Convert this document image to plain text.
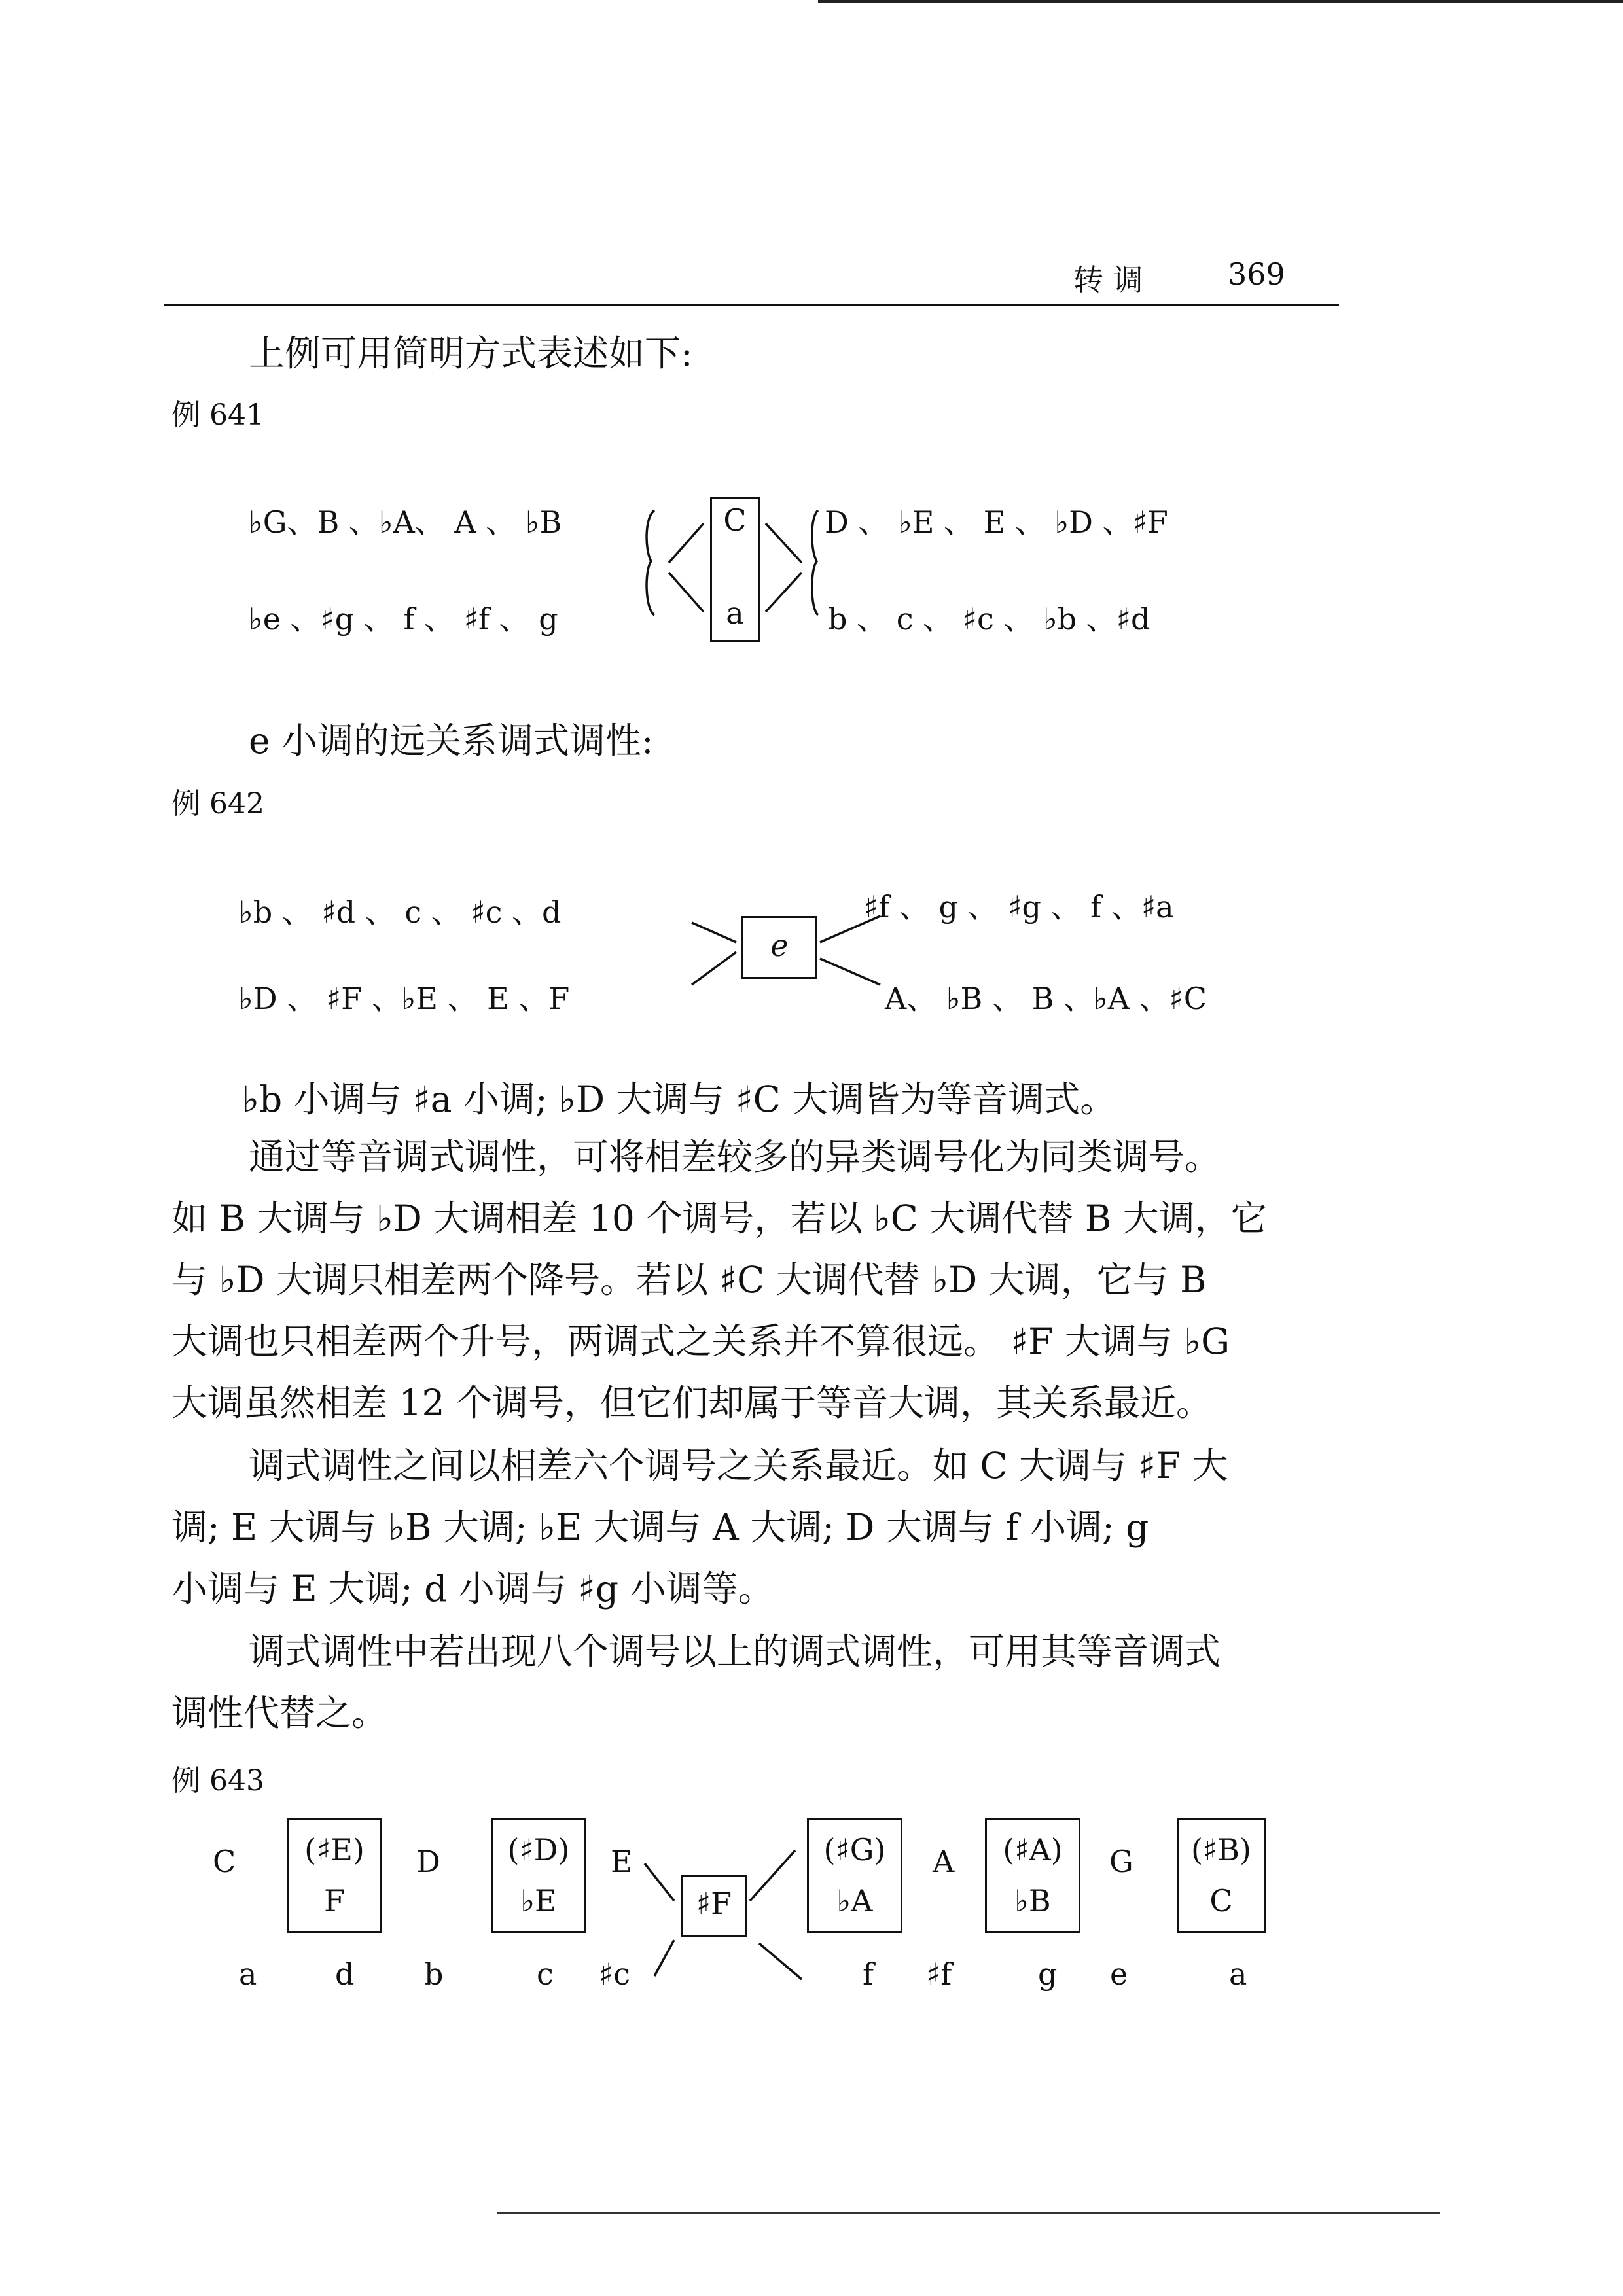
转 调	369
上例可用简明方式表述如下:
例 641
♭G、B 、♭A、 A 、 ♭B
♭e 、♯g 、 f 、 ♯f 、 g
C
a
D 、 ♭E 、 E 、 ♭D 、♯F
b 、 c 、 ♯c 、 ♭b 、♯d
e 小调的远关系调式调性:
例 642
♭b 、 ♯d 、 c 、 ♯c 、d
♭D 、 ♯F 、♭E 、 E 、F
e
♯f 、 g 、 ♯g 、 f 、♯a
A、 ♭B 、 B 、♭A 、♯C
♭b 小调与 ♯a 小调; ♭D 大调与 ♯C 大调皆为等音调式。
通过等音调式调性，可将相差较多的异类调号化为同类调号。
如 B 大调与 ♭D 大调相差 10 个调号，若以 ♭C 大调代替 B 大调，它
与 ♭D 大调只相差两个降号。若以 ♯C 大调代替 ♭D 大调，它与 B
大调也只相差两个升号，两调式之关系并不算很远。 ♯F 大调与 ♭G
大调虽然相差 12 个调号，但它们却属于等音大调，其关系最近。
调式调性之间以相差六个调号之关系最近。如 C 大调与 ♯F 大
调; E 大调与 ♭B 大调; ♭E 大调与 A 大调; D 大调与 f 小调; g
小调与 E 大调; d 小调与 ♯g 小调等。
调式调性中若出现八个调号以上的调式调性，可用其等音调式
调性代替之。
例 643
C	(♯E)
F
D	(♯D)
♭E
E
♯F
(♯G)
♭A
A	(♯A)
♭B
G	(♯B)
C
a	d b	c ♯c	f ♯f	g e	a
